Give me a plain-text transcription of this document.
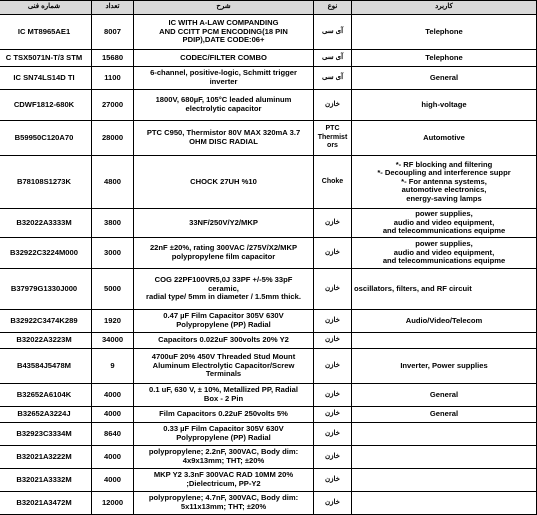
شماره فنی	تعداد	شرح	نوع	کاربرد
IC MT8965AE1	8007	IC WITH A-LAW COMPANDING
AND CCITT PCM ENCODING(18 PIN
PDIP),DATE CODE:06+	آی سی	Telephone
C TSX5071N-T/3 STM	15680	CODEC/FILTER COMBO	آی سی	Telephone
IC SN74LS14D TI	1100	6-channel, positive-logic, Schmitt trigger
inverter	آی سی	General
CDWF1812-680K	27000	1800V, 680µF, 105°C leaded aluminum
electrolytic capacitor	خازن	high-voltage
B59950C120A70	28000	PTC C950, Thermistor 80V MAX 320mA 3.7
OHM DISC RADIAL	PTC
Thermist
ors	Automotive
B78108S1273K	4800	CHOCK 27UH %10	Choke	*- RF blocking and filtering
*- Decoupling and interference suppr
*- For antenna systems,
automotive electronics,
energy-saving lamps
B32022A3333M	3800	33NF/250V/Y2/MKP	خازن	power supplies,
audio and video equipment,
and telecommunications equipme
B32922C3224M000	3000	22nF ±20%, rating 300VAC /275V/X2/MKP
polypropylene film capacitor	خازن	power supplies,
audio and video equipment,
and telecommunications equipme
B37979G1330J000	5000	COG 22PF100VR5,0J 33PF +/-5% 33pF
ceramic,
radial type/ 5mm in diameter / 1.5mm thick.	خازن	oscillators, filters, and RF circuit
B32922C3474K289	1920	0.47 µF Film Capacitor 305V 630V
Polypropylene (PP) Radial	خازن	Audio/Video/Telecom
B32022A3223M	34000	Capacitors 0.022uF 300volts 20% Y2	خازن	
B43584J5478M	9	4700uF 20% 450V Threaded Stud Mount
Aluminum Electrolytic Capacitor/Screw
Terminals	خازن	Inverter, Power supplies
B32652A6104K	4000	0.1 uF, 630 V, ± 10%, Metallized PP, Radial
Box - 2 Pin	خازن	General
B32652A3224J	4000	Film Capacitors 0.22uF 250volts 5%	خازن	General
B32923C3334M	8640	0.33 µF Film Capacitor 305V 630V
Polypropylene (PP) Radial	خازن	
B32021A3222M	4000	polypropylene; 2.2nF, 300VAC, Body dim:
4x9x13mm; THT; ±20%	خازن	
B32021A3332M	4000	MKP Y2 3.3nF 300VAC RAD 10MM 20%
;Dielectricum, PP-Y2	خازن	
B32021A3472M	12000	polypropylene; 4.7nF, 300VAC, Body dim:
5x11x13mm; THT; ±20%	خازن	
